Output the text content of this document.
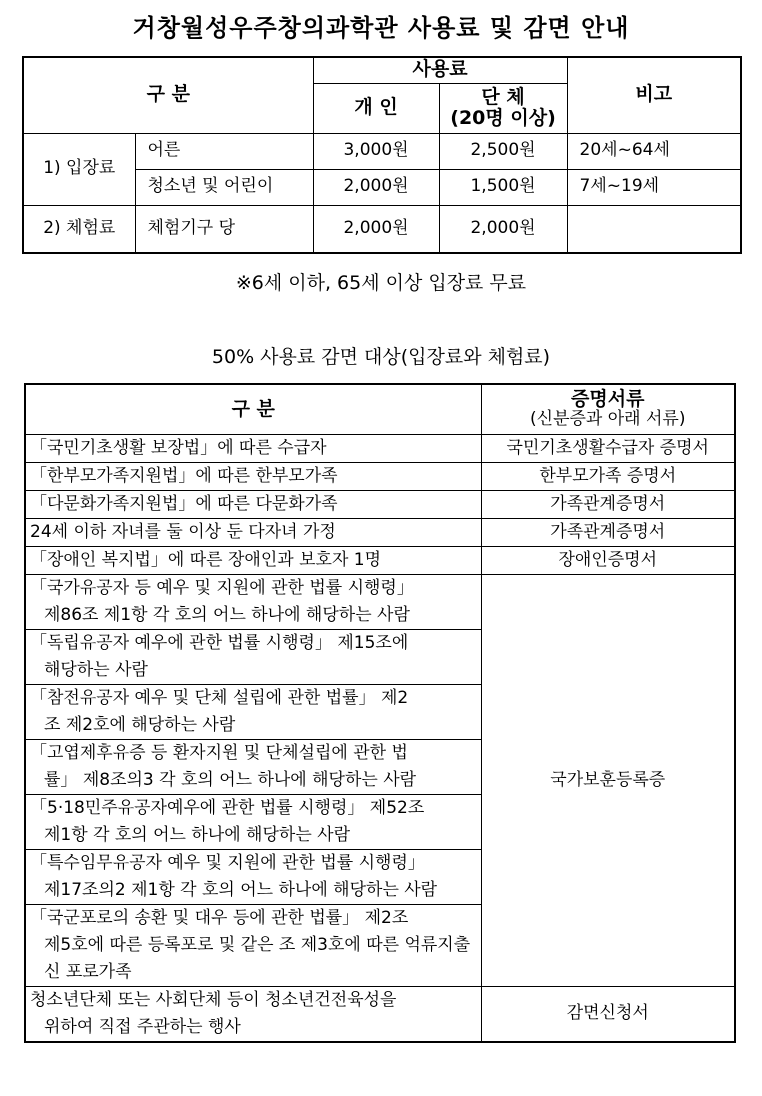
거창월성우주창의과학관 사용료 및 감면 안내
구 분		사용료		비고
		개 인	단 체
(20명 이상)	

1) 입장료	어른	3,000원	2,500원	20세~64세
	청소년 및 어린이	2,000원	1,500원	7세~19세
2) 체험료	체험기구 당	2,000원	2,000원	
※6세 이하, 65세 이상 입장료 무료
50% 사용료 감면 대상(입장료와 체험료)
구 분	증명서류
(신분증과 아래 서류)

「국민기초생활 보장법」에 따른 수급자	국민기초생활수급자 증명서
「한부모가족지원법」에 따른 한부모가족	한부모가족 증명서
「다문화가족지원법」에 따른 다문화가족	가족관계증명서
24세 이하 자녀를 둘 이상 둔 다자녀 가정	가족관계증명서
「장애인 복지법」에 따른 장애인과 보호자 1명	장애인증명서

「국가유공자 등 예우 및 지원에 관한 법률 시행령」
제86조 제1항 각 호의 어느 하나에 해당하는 사람	국가보훈등록증

「독립유공자 예우에 관한 법률 시행령」 제15조에
해당하는 사람	

「참전유공자 예우 및 단체 설립에 관한 법률」 제2
조 제2호에 해당하는 사람	

「고엽제후유증 등 환자지원 및 단체설립에 관한 법
률」 제8조의3 각 호의 어느 하나에 해당하는 사람	

「5·18민주유공자예우에 관한 법률 시행령」 제52조
제1항 각 호의 어느 하나에 해당하는 사람	

「특수임무유공자 예우 및 지원에 관한 법률 시행령」
제17조의2 제1항 각 호의 어느 하나에 해당하는 사람	

「국군포로의 송환 및 대우 등에 관한 법률」 제2조
제5호에 따른 등록포로 및 같은 조 제3호에 따른 억류지출신 포로가족	

청소년단체 또는 사회단체 등이 청소년건전육성을
위하여 직접 주관하는 행사	감면신청서
